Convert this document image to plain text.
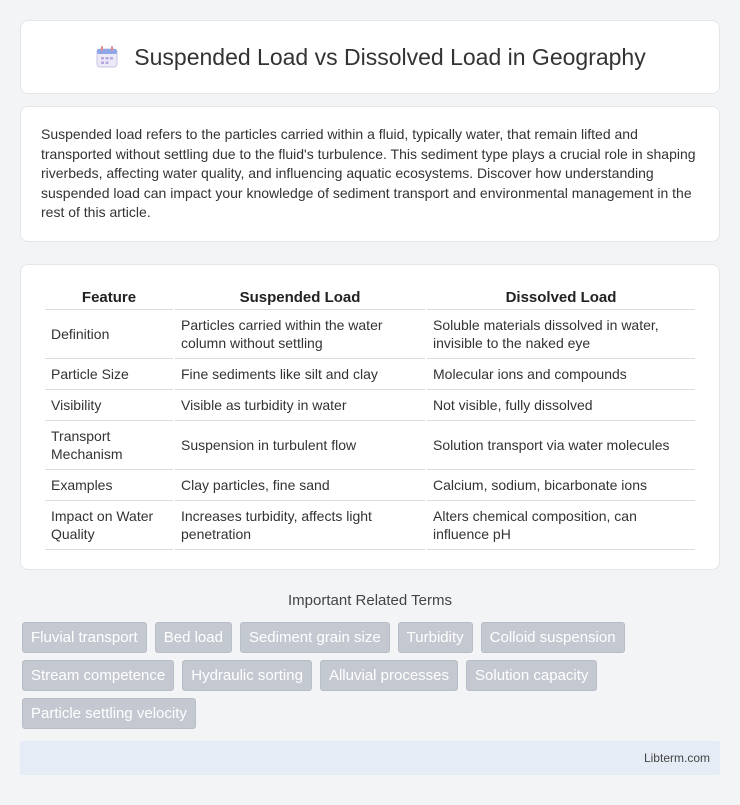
Suspended Load vs Dissolved Load in Geography

Suspended load refers to the particles carried within a fluid, typically water, that remain lifted and transported without settling due to the fluid's turbulence. This sediment type plays a crucial role in shaping riverbeds, affecting water quality, and influencing aquatic ecosystems. Discover how understanding suspended load can impact your knowledge of sediment transport and environmental management in the rest of this article.

Feature	Suspended Load	Dissolved Load
Definition	Particles carried within the water column without settling	Soluble materials dissolved in water, invisible to the naked eye
Particle Size	Fine sediments like silt and clay	Molecular ions and compounds
Visibility	Visible as turbidity in water	Not visible, fully dissolved
Transport Mechanism	Suspension in turbulent flow	Solution transport via water molecules
Examples	Clay particles, fine sand	Calcium, sodium, bicarbonate ions
Impact on Water Quality	Increases turbidity, affects light penetration	Alters chemical composition, can influence pH
Important Related Terms
Fluvial transport	Bed load	Sediment grain size	Turbidity	Colloid suspension
Stream competence	Hydraulic sorting	Alluvial processes	Solution capacity
Particle settling velocity
Libterm.com
